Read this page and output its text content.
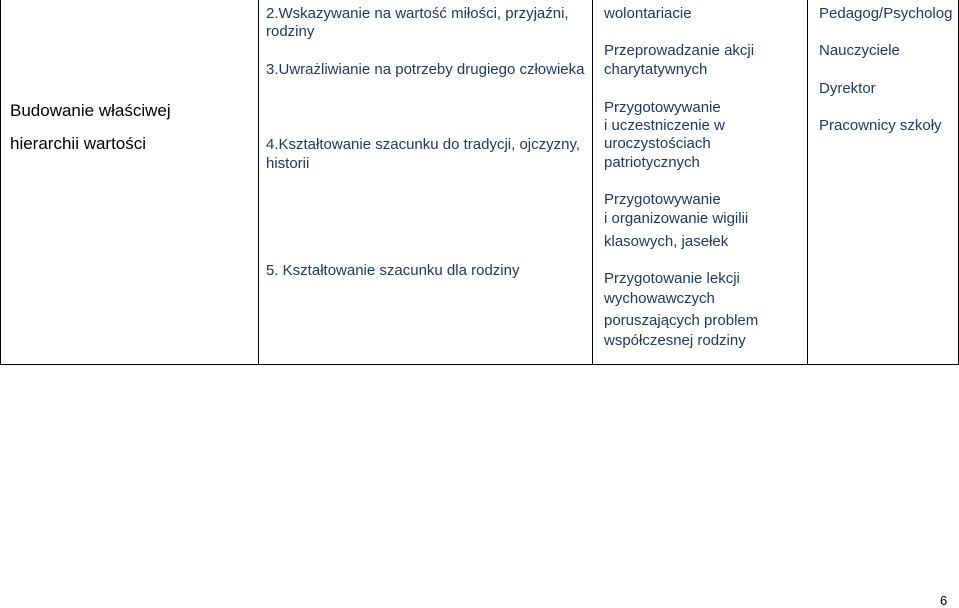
Budowanie właściwej
hierarchii wartości
2.Wskazywanie na wartość miłości, przyjaźni,
rodziny
3.Uwrażliwianie na potrzeby drugiego człowieka
4.Kształtowanie szacunku do tradycji, ojczyzny,
historii
5. Kształtowanie szacunku dla rodziny
wolontariacie
Przeprowadzanie akcji
charytatywnych
Przygotowywanie
i uczestniczenie w
uroczystościach
patriotycznych
Przygotowywanie
i organizowanie wigilii
klasowych, jasełek
Przygotowanie lekcji
wychowawczych
poruszających problem
współczesnej rodziny
Pedagog/Psycholog
Nauczyciele
Dyrektor
Pracownicy szkoły
6
